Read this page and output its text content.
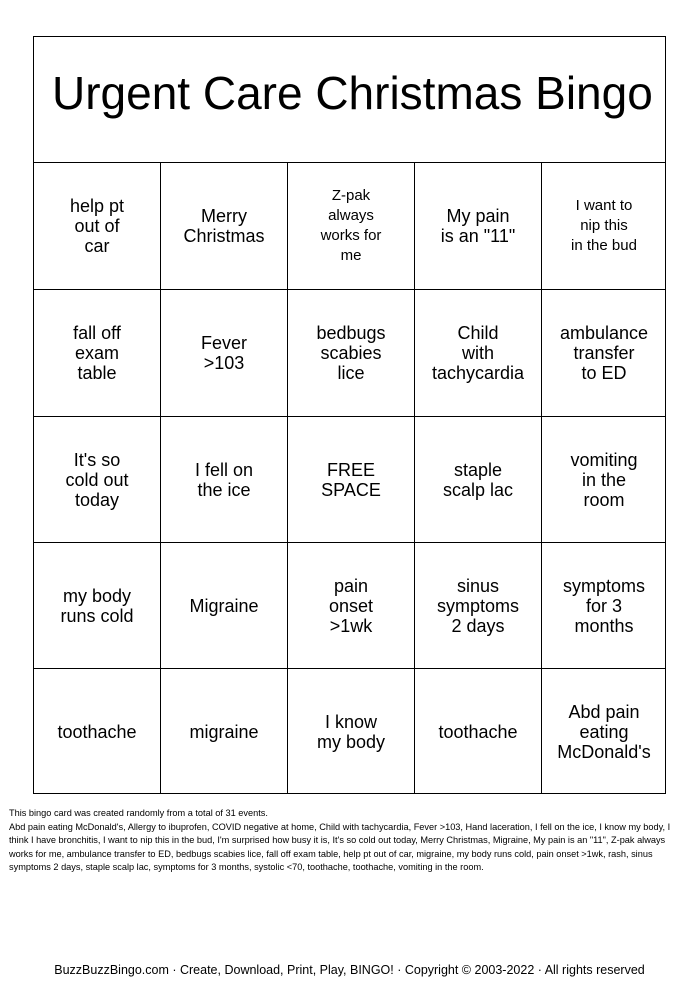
Urgent Care Christmas Bingo
help pt
out of
car
Merry
Christmas
Z-pak
always
works for
me
My pain
is an "11"
I want to
nip this
in the bud
fall off
exam
table
Fever
>103
bedbugs
scabies
lice
Child
with
tachycardia
ambulance
transfer
to ED
It's so
cold out
today
I fell on
the ice
FREE
SPACE
staple
scalp lac
vomiting
in the
room
my body
runs cold	Migraine
pain
onset
>1wk
sinus
symptoms
2 days
symptoms
for 3
months
toothache	migraine	I know
my body	toothache
Abd pain
eating
McDonald's

This bingo card was created randomly from a total of 31 events.

Abd pain eating McDonald's, Allergy to ibuprofen, COVID negative at home, Child with tachycardia, Fever >103, Hand laceration, I fell on the ice, I know my body, I think I have bronchitis, I want to nip this in the bud, I'm surprised how busy it is, It's so cold out today, Merry Christmas, Migraine, My pain is an "11", Z-pak always works for me, ambulance transfer to ED, bedbugs scabies lice, fall off exam table, help pt out of car, migraine, my body runs cold, pain onset >1wk, rash, sinus symptoms 2 days, staple scalp lac, symptoms for 3 months, systolic <70, toothache, toothache, vomiting in the room.

BuzzBuzzBingo.com · Create, Download, Print, Play, BINGO! · Copyright © 2003-2022 · All rights reserved
